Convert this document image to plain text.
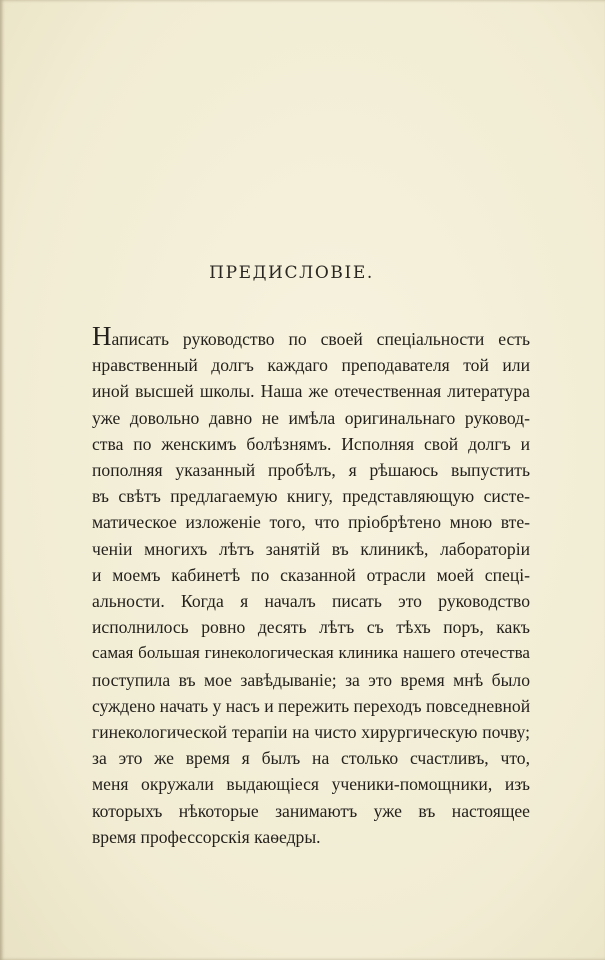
ПРЕДИСЛОВІЕ.

Написать руководство по своей спеціальности есть
нравственный долгъ каждаго преподавателя той или
иной высшей школы. Наша же отечественная литература
уже довольно давно не имѣла оригинальнаго руковод-
ства по женскимъ болѣзнямъ. Исполняя свой долгъ и
пополняя указанный пробѣлъ, я рѣшаюсь выпустить
въ свѣтъ предлагаемую книгу, представляющую систе-
матическое изложеніе того, что пріобрѣтено мною вте-
ченіи многихъ лѣтъ занятій въ клиникѣ, лабораторіи
и моемъ кабинетѣ по сказанной отрасли моей спеці-
альности. Когда я началъ писать это руководство
исполнилось ровно десять лѣтъ съ тѣхъ поръ, какъ
самая большая гинекологическая клиника нашего отечества
поступила въ мое завѣдываніе; за это время мнѣ было
суждено начать у насъ и пережить переходъ повседневной
гинекологической терапіи на чисто хирургическую почву;
за это же время я былъ на столько счастливъ, что,
меня окружали выдающіеся ученики-помощники, изъ
которыхъ нѣкоторые занимаютъ уже въ настоящее
время профессорскія каѳедры.
